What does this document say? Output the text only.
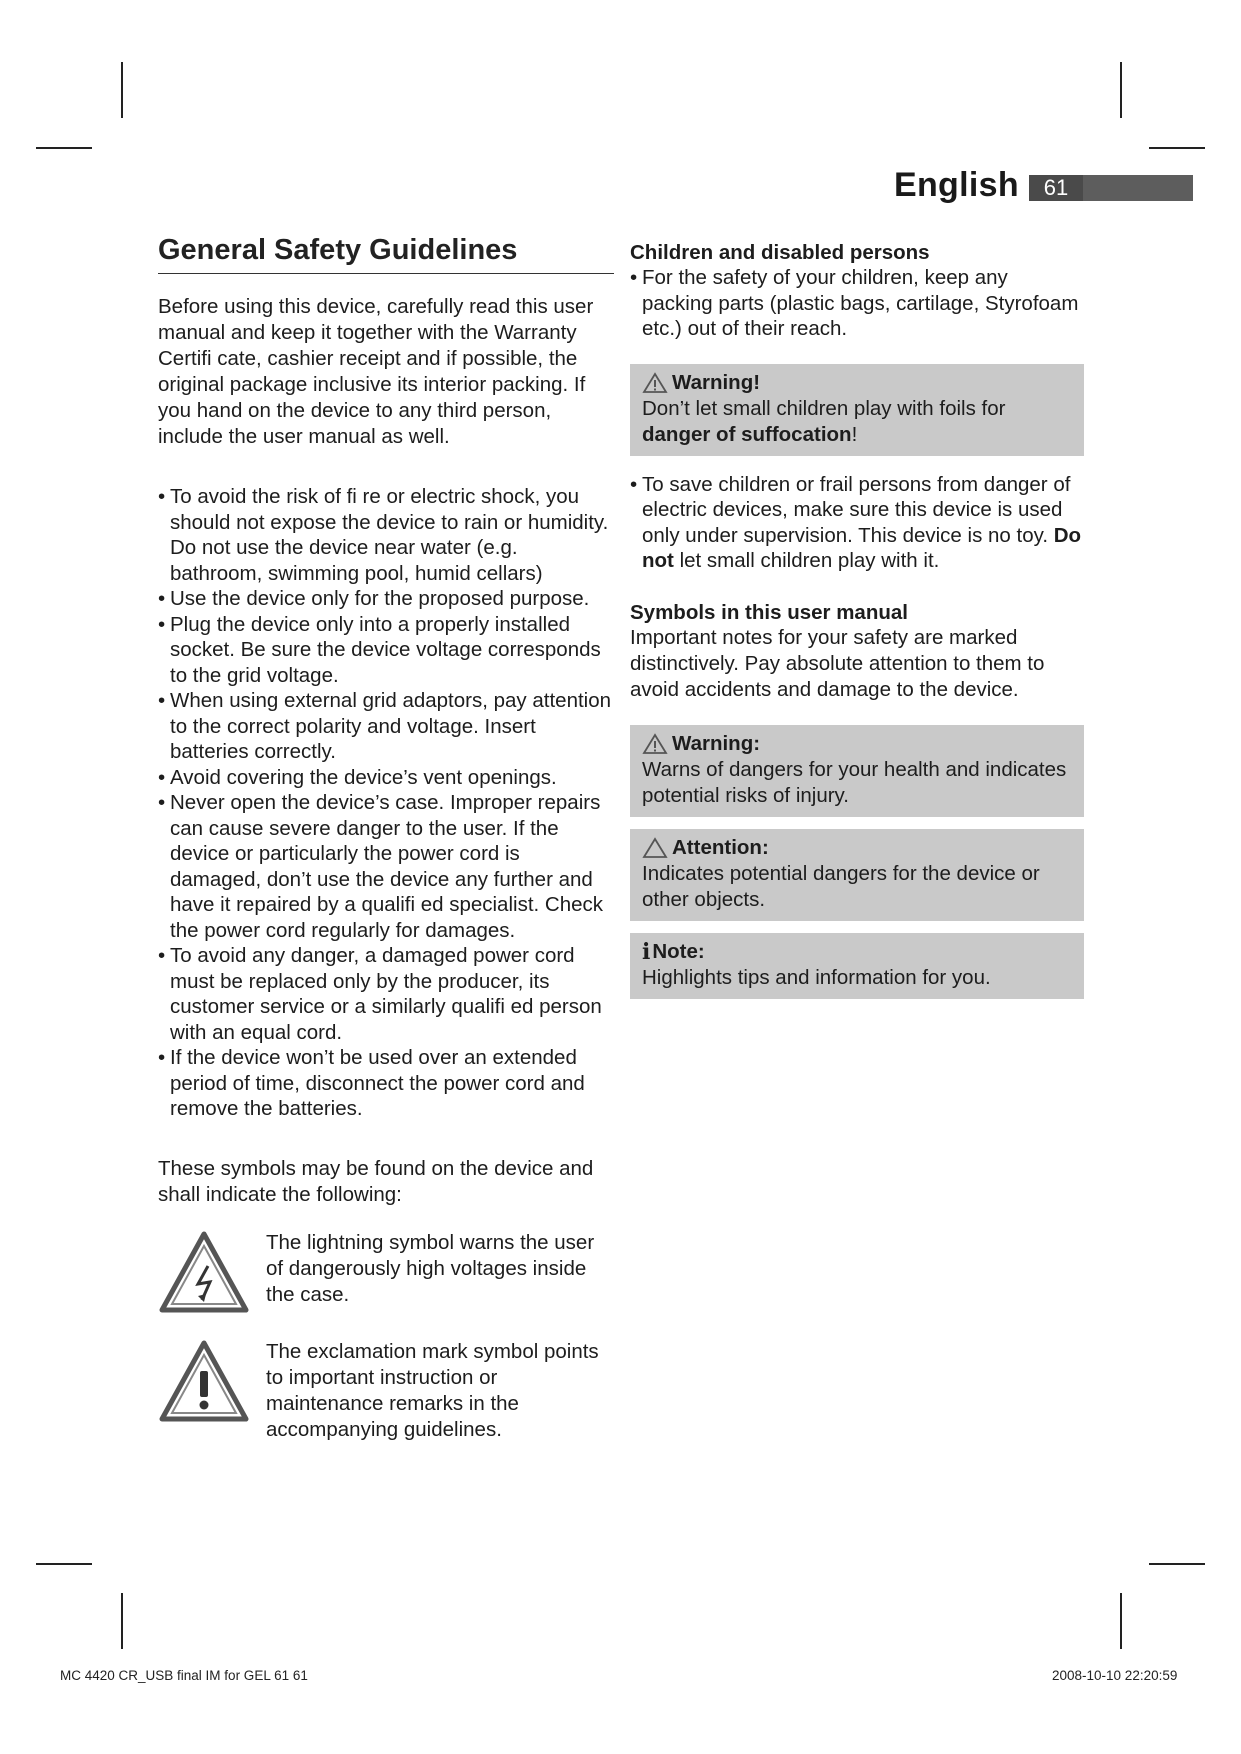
English	61
General Safety Guidelines

Before using this device, carefully read this user manual and keep it together with the Warranty Certifi cate, cashier receipt and if possible, the original package inclusive its interior packing. If you hand on the device to any third person, include the user manual as well.

• To avoid the risk of fi re or electric shock, you should not expose the device to rain or humidity. Do not use the device near water (e.g. bathroom, swimming pool, humid cellars)
• Use the device only for the proposed purpose.
• Plug the device only into a properly installed socket. Be sure the device voltage corresponds to the grid voltage.
• When using external grid adaptors, pay attention to the correct polarity and voltage. Insert batteries correctly.
• Avoid covering the device’s vent openings.
• Never open the device’s case. Improper repairs can cause severe danger to the user. If the device or particularly the power cord is damaged, don’t use the device any further and have it repaired by a qualifi ed specialist. Check the power cord regularly for damages.
• To avoid any danger, a damaged power cord must be replaced only by the producer, its customer service or a similarly qualifi ed person with an equal cord.
• If the device won’t be used over an extended period of time, disconnect the power cord and remove the batteries.

These symbols may be found on the device and shall indicate the following:

The lightning symbol warns the user of dangerously high voltages inside the case.
The exclamation mark symbol points to important instruction or maintenance remarks in the accompanying guidelines.
Children and disabled persons
• For the safety of your children, keep any packing parts (plastic bags, cartilage, Styrofoam etc.) out of their reach.
Warning!
Don’t let small children play with foils for danger of suffocation!
• To save children or frail persons from danger of electric devices, make sure this device is used only under supervision. This device is no toy. Do not let small children play with it.
Symbols in this user manual

Important notes for your safety are marked distinctively. Pay absolute attention to them to avoid accidents and damage to the device.

Warning:
Warns of dangers for your health and indicates potential risks of injury.
Attention:
Indicates potential dangers for the device or other objects.
i Note:
Highlights tips and information for you.
MC 4420 CR_USB final IM for GEL 61 61	2008-10-10 22:20:59
